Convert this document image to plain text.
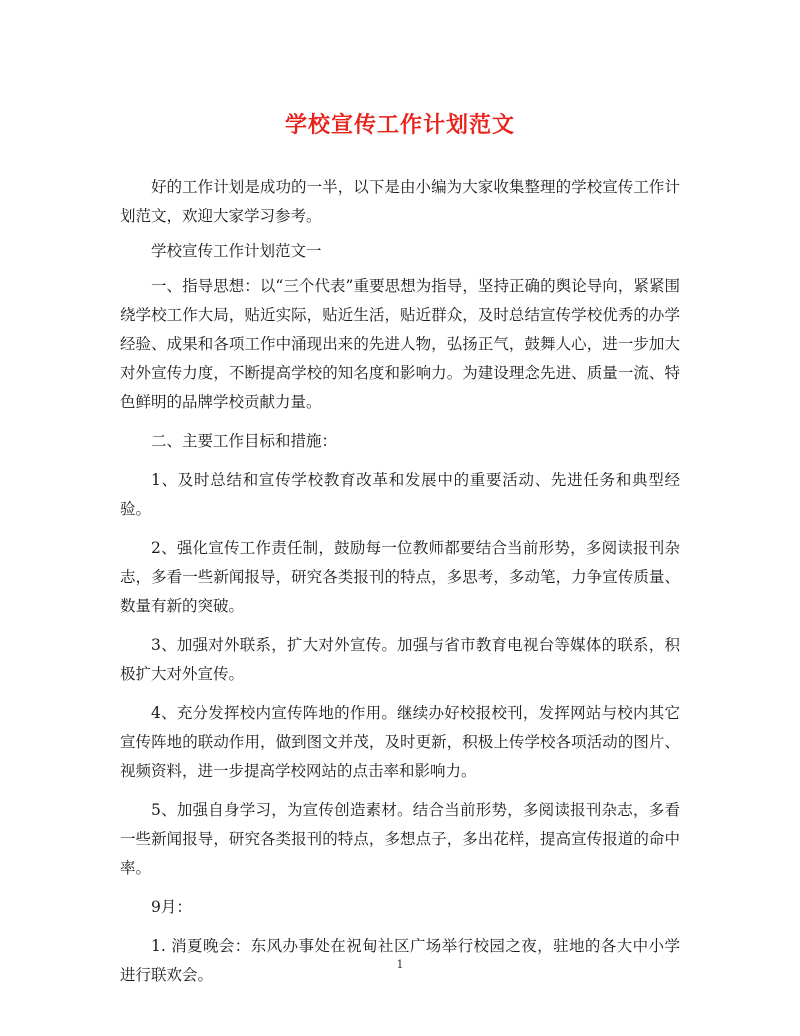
学校宣传工作计划范文

好的工作计划是成功的一半，以下是由小编为大家收集整理的学校宣传工作计划范文，欢迎大家学习参考。

学校宣传工作计划范文一

一、指导思想：以“三个代表”重要思想为指导，坚持正确的舆论导向，紧紧围绕学校工作大局，贴近实际，贴近生活，贴近群众，及时总结宣传学校优秀的办学经验、成果和各项工作中涌现出来的先进人物，弘扬正气，鼓舞人心，进一步加大对外宣传力度，不断提高学校的知名度和影响力。为建设理念先进、质量一流、特色鲜明的品牌学校贡献力量。

二、主要工作目标和措施：

1、及时总结和宣传学校教育改革和发展中的重要活动、先进任务和典型经验。

2、强化宣传工作责任制，鼓励每一位教师都要结合当前形势，多阅读报刊杂志，多看一些新闻报导，研究各类报刊的特点，多思考，多动笔，力争宣传质量、数量有新的突破。

3、加强对外联系，扩大对外宣传。加强与省市教育电视台等媒体的联系，积极扩大对外宣传。

4、充分发挥校内宣传阵地的作用。继续办好校报校刊，发挥网站与校内其它宣传阵地的联动作用，做到图文并茂，及时更新，积极上传学校各项活动的图片、视频资料，进一步提高学校网站的点击率和影响力。

5、加强自身学习，为宣传创造素材。结合当前形势，多阅读报刊杂志，多看一些新闻报导，研究各类报刊的特点，多想点子，多出花样，提高宣传报道的命中率。

9月：

1. 消夏晚会：东风办事处在祝甸社区广场举行校园之夜，驻地的各大中小学进行联欢会。

1
